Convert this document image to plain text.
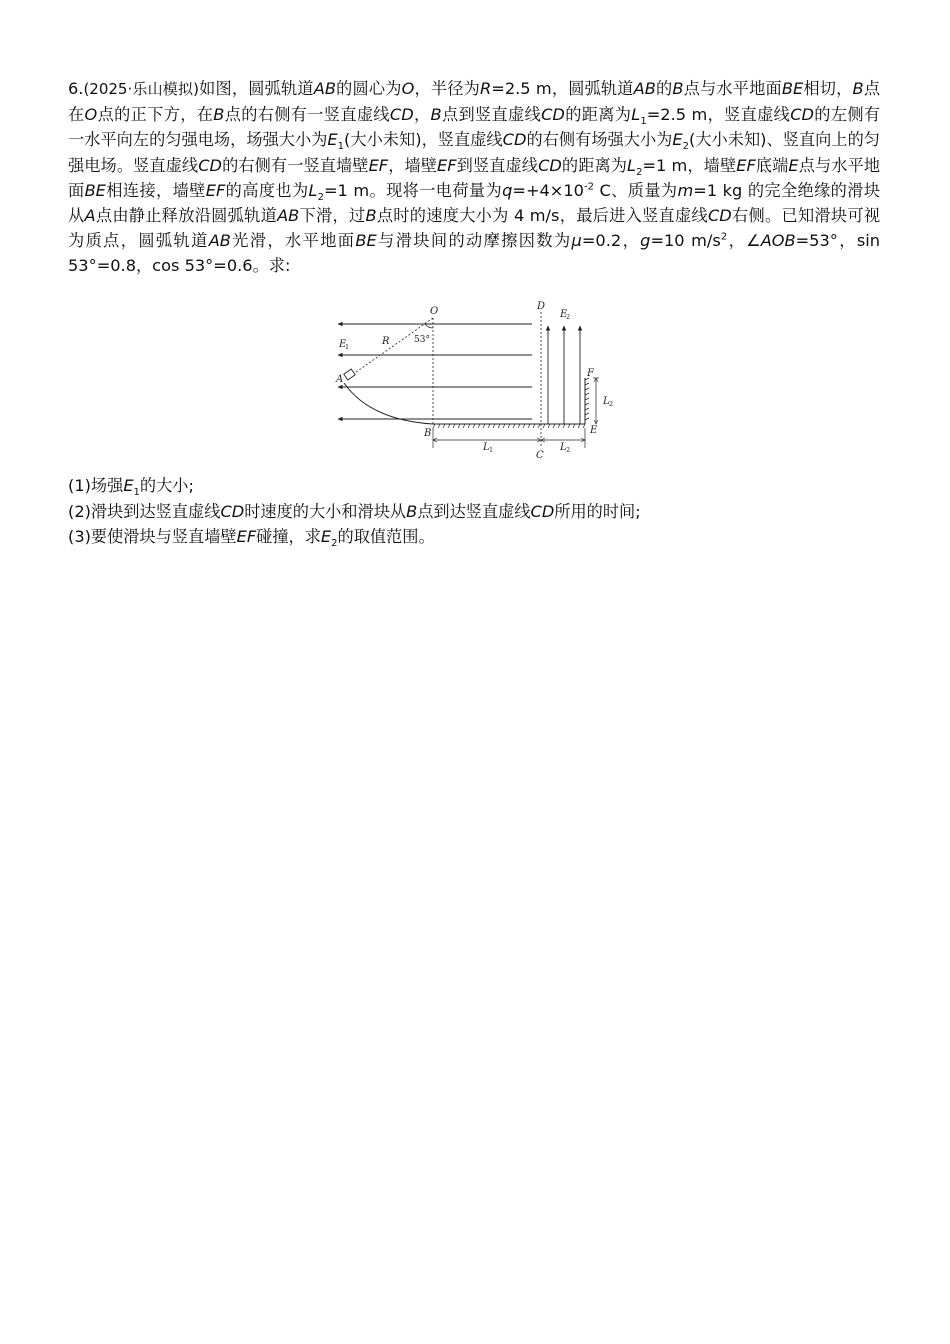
6.(2025·乐山模拟)如图，圆弧轨道AB的圆心为O，半径为R=2.5 m，圆弧轨道AB的B点与水平地面BE相切，B点在O点的正下方，在B点的右侧有一竖直虚线CD，B点到竖直虚线CD的距离为$L_1=2.5$ m，竖直虚线CD的左侧有一水平向左的匀强电场，场强大小为$E_1$(大小未知)，竖直虚线CD的右侧有场强大小为$E_2$(大小未知)、竖直向上的匀强电场。竖直虚线CD的右侧有一竖直墙壁EF，墙壁EF到竖直虚线CD的距离为$L_2=1$ m，墙壁EF底端E点与水平地面BE相连接，墙壁EF的高度也为$L_2=1$ m。现将一电荷量为$q=+4\times 10^{-2}$ C、质量为m=1 kg 的完全绝缘的滑块从A点由静止释放沿圆弧轨道AB下滑，过B点时的速度大小为 4 m/s，最后进入竖直虚线CD右侧。已知滑块可视为质点，圆弧轨道AB光滑，水平地面BE与滑块间的动摩擦因数为μ=0.2，g=10 $m/s^2$，∠AOB=53°，sin 53°=0.8，cos 53°=0.6。求:

O	D
E
2
53°
E
1	R
A
F
L 2
B	E
L 1	C
L 2

(1)场强$E_1$的大小;

(2)滑块到达竖直虚线CD时速度的大小和滑块从B点到达竖直虚线CD所用的时间;

(3)要使滑块与竖直墙壁EF碰撞，求$E_2$的取值范围。
